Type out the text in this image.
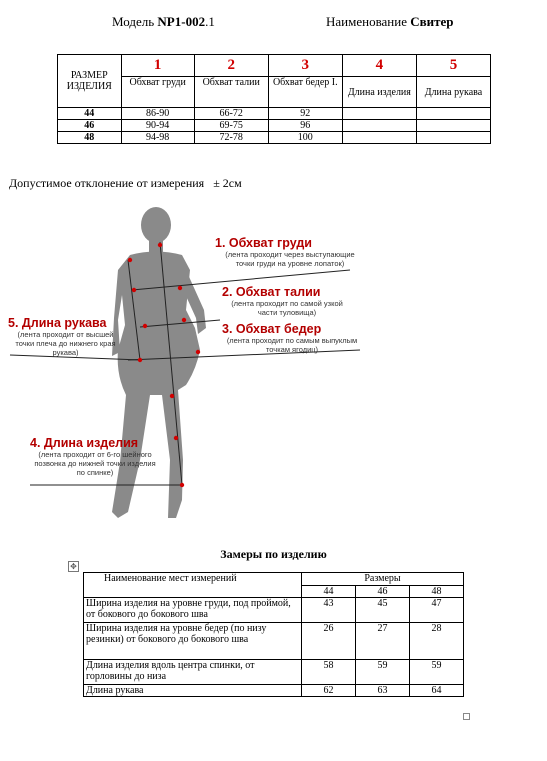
Модель NP1-002.1	Наименование Свитер
РАЗМЕР ИЗДЕЛИЯ	1	2	3	4	5
	Обхват груди	Обхват талии	Обхват бедер I.	Длина изделия	Длина рукава
44	86-90	66-72	92		
46	90-94	69-75	96		
48	94-98	72-78	100		
Допустимое отклонение от измерения ± 2см
1. Обхват груди
(лента проходит через выступающие точки груди на уровне лопаток)
2. Обхват талии
(лента проходит по самой узкой части туловища)
3. Обхват бедер
(лента проходит по самым выпуклым точкам ягодиц)
5. Длина рукава
(лента проходит от высшей точки плеча до нижнего края рукава)
4. Длина изделия
(лента проходит от 6-го шейного позвонка до нижней точки изделия по спинке)
Замеры по изделию
✥
Наименование мест измерений	Размеры		
	44	46	48
Ширина изделия на уровне груди, под проймой, от бокового до бокового шва	43	45	47
Ширина изделия на уровне бедер (по низу резинки) от бокового до бокового шва	26	27	28
Длина изделия вдоль центра спинки, от горловины до низа	58	59	59
Длина рукава	62	63	64
